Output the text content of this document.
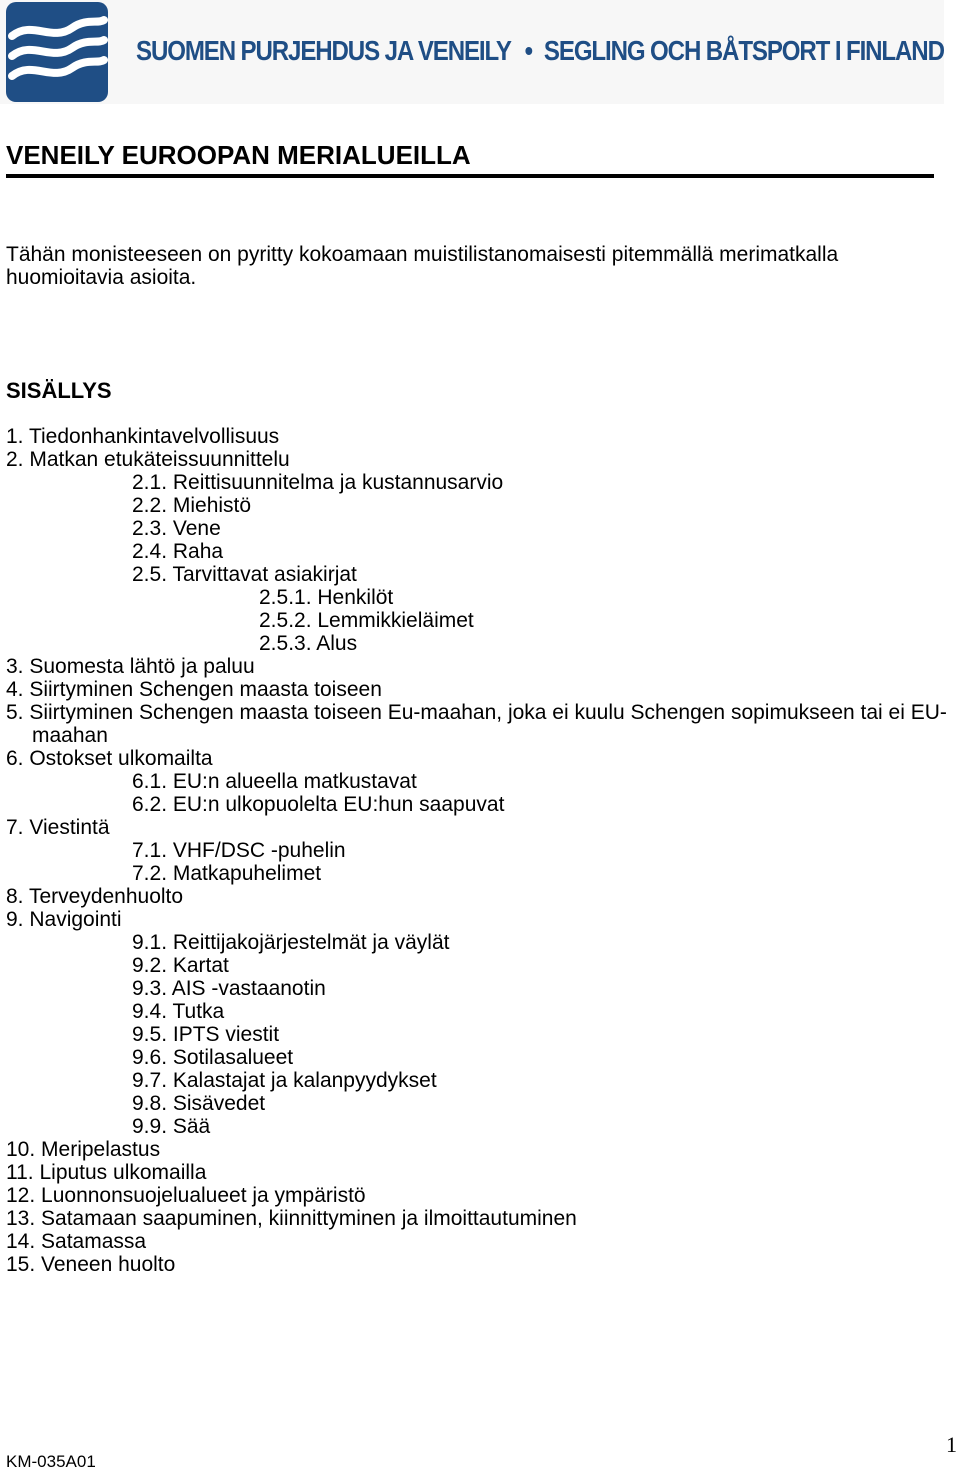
SUOMEN PURJEHDUS JA VENEILY • SEGLING OCH BÅTSPORT I FINLAND
VENEILY EUROOPAN MERIALUEILLA

Tähän monisteeseen on pyritty kokoamaan muistilistanomaisesti pitemmällä merimatkalla huomioitavia asioita.

SISÄLLYS
1. Tiedonhankintavelvollisuus
2. Matkan etukäteissuunnittelu
2.1. Reittisuunnitelma ja kustannusarvio
2.2. Miehistö
2.3. Vene
2.4. Raha
2.5. Tarvittavat asiakirjat
2.5.1. Henkilöt
2.5.2. Lemmikkieläimet
2.5.3. Alus
3. Suomesta lähtö ja paluu
4. Siirtyminen Schengen maasta toiseen
5. Siirtyminen Schengen maasta toiseen Eu-maahan, joka ei kuulu Schengen sopimukseen tai ei EU-maahan
6. Ostokset ulkomailta
6.1. EU:n alueella matkustavat
6.2. EU:n ulkopuolelta EU:hun saapuvat
7. Viestintä
7.1. VHF/DSC -puhelin
7.2. Matkapuhelimet
8. Terveydenhuolto
9. Navigointi
9.1. Reittijakojärjestelmät ja väylät
9.2. Kartat
9.3. AIS -vastaanotin
9.4. Tutka
9.5. IPTS viestit
9.6. Sotilasalueet
9.7. Kalastajat ja kalanpyydykset
9.8. Sisävedet
9.9. Sää
10. Meripelastus
11. Liputus ulkomailla
12. Luonnonsuojelualueet ja ympäristö
13. Satamaan saapuminen, kiinnittyminen ja ilmoittautuminen
14. Satamassa
15. Veneen huolto
KM-035A01
1
